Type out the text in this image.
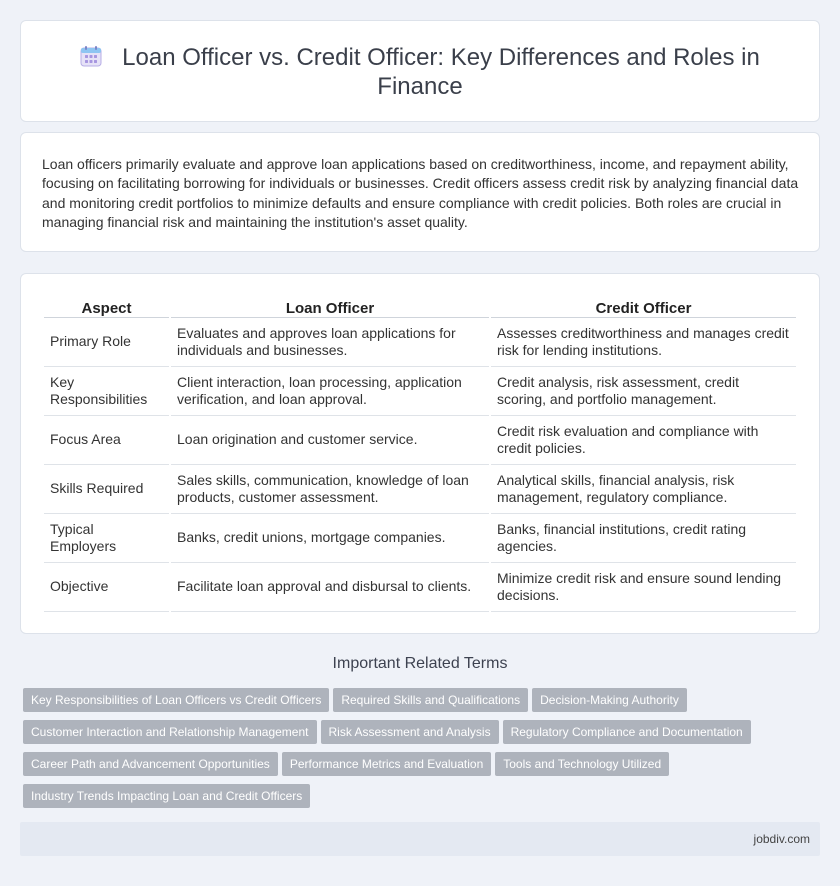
Loan Officer vs. Credit Officer: Key Differences and Roles in Finance

Loan officers primarily evaluate and approve loan applications based on creditworthiness, income, and repayment ability, focusing on facilitating borrowing for individuals or businesses. Credit officers assess credit risk by analyzing financial data and monitoring credit portfolios to minimize defaults and ensure compliance with credit policies. Both roles are crucial in managing financial risk and maintaining the institution's asset quality.

Aspect	Loan Officer	Credit Officer
Primary Role	Evaluates and approves loan applications for individuals and businesses.	Assesses creditworthiness and manages credit risk for lending institutions.
Key Responsibilities	Client interaction, loan processing, application verification, and loan approval.	Credit analysis, risk assessment, credit scoring, and portfolio management.
Focus Area	Loan origination and customer service.	Credit risk evaluation and compliance with credit policies.
Skills Required	Sales skills, communication, knowledge of loan products, customer assessment.	Analytical skills, financial analysis, risk management, regulatory compliance.
Typical Employers	Banks, credit unions, mortgage companies.	Banks, financial institutions, credit rating agencies.
Objective	Facilitate loan approval and disbursal to clients.	Minimize credit risk and ensure sound lending decisions.
Important Related Terms
Key Responsibilities of Loan Officers vs Credit Officers Required Skills and Qualifications Decision-Making Authority
Customer Interaction and Relationship Management Risk Assessment and Analysis Regulatory Compliance and Documentation
Career Path and Advancement Opportunities Performance Metrics and Evaluation Tools and Technology Utilized
Industry Trends Impacting Loan and Credit Officers
jobdiv.com
